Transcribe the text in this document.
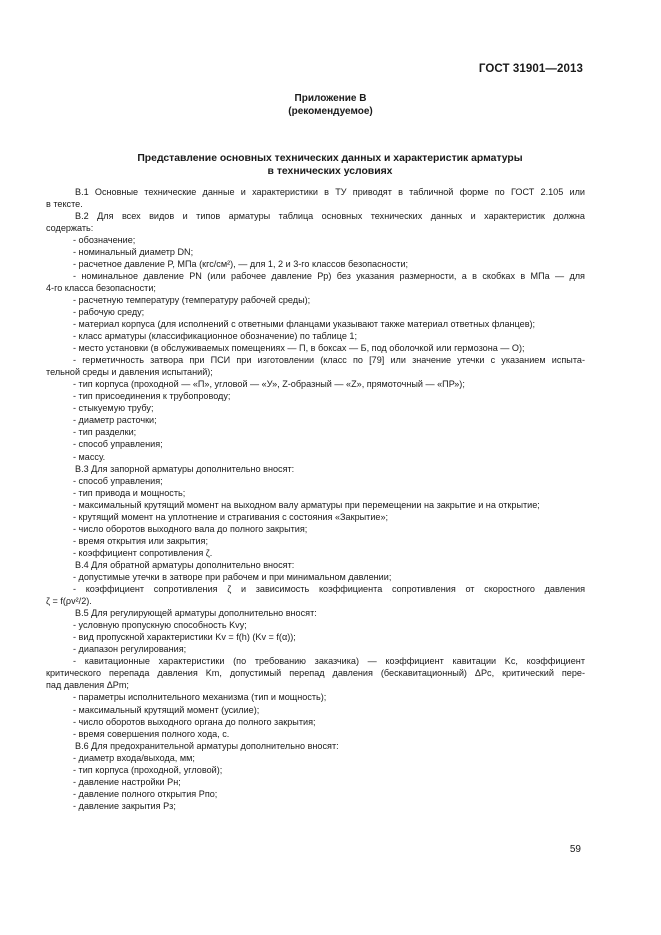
ГОСТ 31901—2013
Приложение В
(рекомендуемое)
Представление основных технических данных и характеристик арматуры
в технических условиях
В.1 Основные технические данные и характеристики в ТУ приводят в табличной форме по ГОСТ 2.105 или
в тексте.
В.2 Для всех видов и типов арматуры таблица основных технических данных и характеристик должна
содержать:
- обозначение;
- номинальный диаметр DN;
- расчетное давление P, МПа (кгс/см²), — для 1, 2 и 3-го классов безопасности;
- номинальное давление PN (или рабочее давление Pр) без указания размерности, а в скобках в МПа — для
4-го класса безопасности;
- расчетную температуру (температуру рабочей среды);
- рабочую среду;
- материал корпуса (для исполнений с ответными фланцами указывают также материал ответных фланцев);
- класс арматуры (классификационное обозначение) по таблице 1;
- место установки (в обслуживаемых помещениях — П, в боксах — Б, под оболочкой или гермозона — О);
- герметичность затвора при ПСИ при изготовлении (класс по [79] или значение утечки с указанием испыта-
тельной среды и давления испытаний);
- тип корпуса (проходной — «П», угловой — «У», Z-образный — «Z», прямоточный — «ПР»);
- тип присоединения к трубопроводу;
- стыкуемую трубу;
- диаметр расточки;
- тип разделки;
- способ управления;
- массу.
В.3 Для запорной арматуры дополнительно вносят:
- способ управления;
- тип привода и мощность;
- максимальный крутящий момент на выходном валу арматуры при перемещении на закрытие и на открытие;
- крутящий момент на уплотнение и страгивания с состояния «Закрытие»;
- число оборотов выходного вала до полного закрытия;
- время открытия или закрытия;
- коэффициент сопротивления ζ.
В.4 Для обратной арматуры дополнительно вносят:
- допустимые утечки в затворе при рабочем и при минимальном давлении;
- коэффициент сопротивления ζ и зависимость коэффициента сопротивления от скоростного давления
ζ = f(ρv²/2).
В.5 Для регулирующей арматуры дополнительно вносят:
- условную пропускную способность Kvy;
- вид пропускной характеристики Kv = f(h) (Kv = f(α));
- диапазон регулирования;
- кавитационные характеристики (по требованию заказчика) — коэффициент кавитации Kc, коэффициент
критического перепада давления Km, допустимый перепад давления (бескавитационный) ΔPc, критический пере-
пад давления ΔPm;
- параметры исполнительного механизма (тип и мощность);
- максимальный крутящий момент (усилие);
- число оборотов выходного органа до полного закрытия;
- время совершения полного хода, с.
В.6 Для предохранительной арматуры дополнительно вносят:
- диаметр входа/выхода, мм;
- тип корпуса (проходной, угловой);
- давление настройки Pн;
- давление полного открытия Pпо;
- давление закрытия Pз;
59
